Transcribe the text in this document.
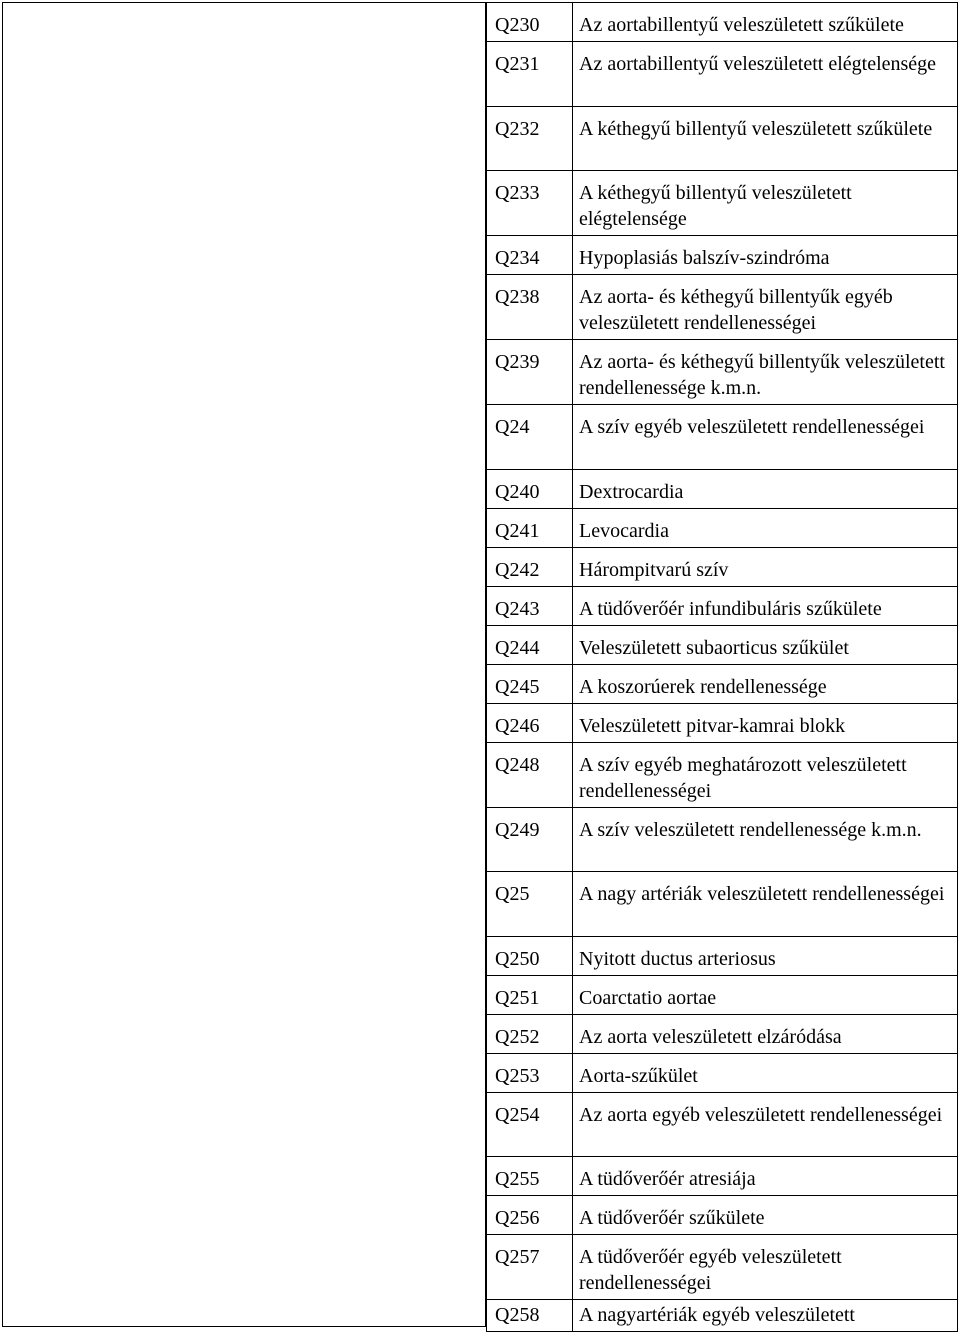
Q230	Az aortabillentyű veleszületett szűkülete
Q231	Az aortabillentyű veleszületett elégtelensége
Q232	A kéthegyű billentyű veleszületett szűkülete
Q233	A kéthegyű billentyű veleszületett elégtelensége
Q234	Hypoplasiás balszív-szindróma
Q238	Az aorta- és kéthegyű billentyűk egyéb veleszületett rendellenességei
Q239	Az aorta- és kéthegyű billentyűk veleszületett rendellenessége k.m.n.
Q24	A szív egyéb veleszületett rendellenességei
Q240	Dextrocardia
Q241	Levocardia
Q242	Hárompitvarú szív
Q243	A tüdőverőér infundibuláris szűkülete
Q244	Veleszületett subaorticus szűkület
Q245	A koszorúerek rendellenessége
Q246	Veleszületett pitvar-kamrai blokk
Q248	A szív egyéb meghatározott veleszületett rendellenességei
Q249	A szív veleszületett rendellenessége k.m.n.
Q25	A nagy artériák veleszületett rendellenességei
Q250	Nyitott ductus arteriosus
Q251	Coarctatio aortae
Q252	Az aorta veleszületett elzáródása
Q253	Aorta-szűkület
Q254	Az aorta egyéb veleszületett rendellenességei
Q255	A tüdőverőér atresiája
Q256	A tüdőverőér szűkülete
Q257	A tüdőverőér egyéb veleszületett rendellenességei
Q258	A nagyartériák egyéb veleszületett
